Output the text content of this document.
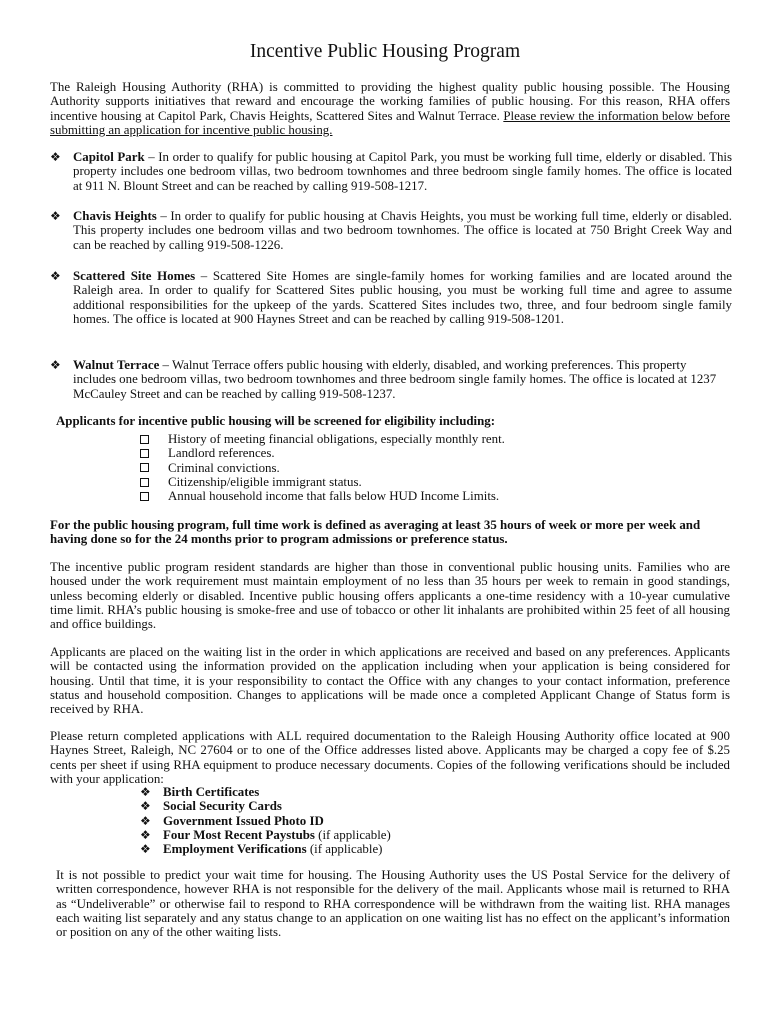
Incentive Public Housing Program
The Raleigh Housing Authority (RHA) is committed to providing the highest quality public housing possible. The Housing Authority supports initiatives that reward and encourage the working families of public housing. For this reason, RHA offers incentive housing at Capitol Park, Chavis Heights, Scattered Sites and Walnut Terrace. Please review the information below before submitting an application for incentive public housing.
❖ Capitol Park – In order to qualify for public housing at Capitol Park, you must be working full time, elderly or disabled. This property includes one bedroom villas, two bedroom townhomes and three bedroom single family homes. The office is located at 911 N. Blount Street and can be reached by calling 919-508-1217.
❖ Chavis Heights – In order to qualify for public housing at Chavis Heights, you must be working full time, elderly or disabled. This property includes one bedroom villas and two bedroom townhomes. The office is located at 750 Bright Creek Way and can be reached by calling 919-508-1226.
❖ Scattered Site Homes – Scattered Site Homes are single-family homes for working families and are located around the Raleigh area. In order to qualify for Scattered Sites public housing, you must be working full time and agree to assume additional responsibilities for the upkeep of the yards. Scattered Sites includes two, three, and four bedroom single family homes. The office is located at 900 Haynes Street and can be reached by calling 919-508-1201.
❖ Walnut Terrace – Walnut Terrace offers public housing with elderly, disabled, and working preferences. This property includes one bedroom villas, two bedroom townhomes and three bedroom single family homes. The office is located at 1237 McCauley Street and can be reached by calling 919-508-1237.
Applicants for incentive public housing will be screened for eligibility including:
History of meeting financial obligations, especially monthly rent.
Landlord references.
Criminal convictions.
Citizenship/eligible immigrant status.
Annual household income that falls below HUD Income Limits.
For the public housing program, full time work is defined as averaging at least 35 hours of week or more per week and having done so for the 24 months prior to program admissions or preference status.
The incentive public program resident standards are higher than those in conventional public housing units. Families who are housed under the work requirement must maintain employment of no less than 35 hours per week to remain in good standings, unless becoming elderly or disabled. Incentive public housing offers applicants a one-time residency with a 10-year cumulative time limit. RHA’s public housing is smoke-free and use of tobacco or other lit inhalants are prohibited within 25 feet of all housing and office buildings.
Applicants are placed on the waiting list in the order in which applications are received and based on any preferences. Applicants will be contacted using the information provided on the application including when your application is being considered for housing. Until that time, it is your responsibility to contact the Office with any changes to your contact information, preference status and household composition. Changes to applications will be made once a completed Applicant Change of Status form is received by RHA.
Please return completed applications with ALL required documentation to the Raleigh Housing Authority office located at 900 Haynes Street, Raleigh, NC 27604 or to one of the Office addresses listed above. Applicants may be charged a copy fee of $.25 cents per sheet if using RHA equipment to produce necessary documents. Copies of the following verifications should be included with your application:
❖ Birth Certificates
❖ Social Security Cards
❖ Government Issued Photo ID
❖ Four Most Recent Paystubs
(if applicable)
❖ Employment Verifications
(if applicable)
It is not possible to predict your wait time for housing. The Housing Authority uses the US Postal Service for the delivery of written correspondence, however RHA is not responsible for the delivery of the mail. Applicants whose mail is returned to RHA as “Undeliverable” or otherwise fail to respond to RHA correspondence will be withdrawn from the waiting list. RHA manages each waiting list separately and any status change to an application on one waiting list has no effect on the applicant’s information or position on any of the other waiting lists.
